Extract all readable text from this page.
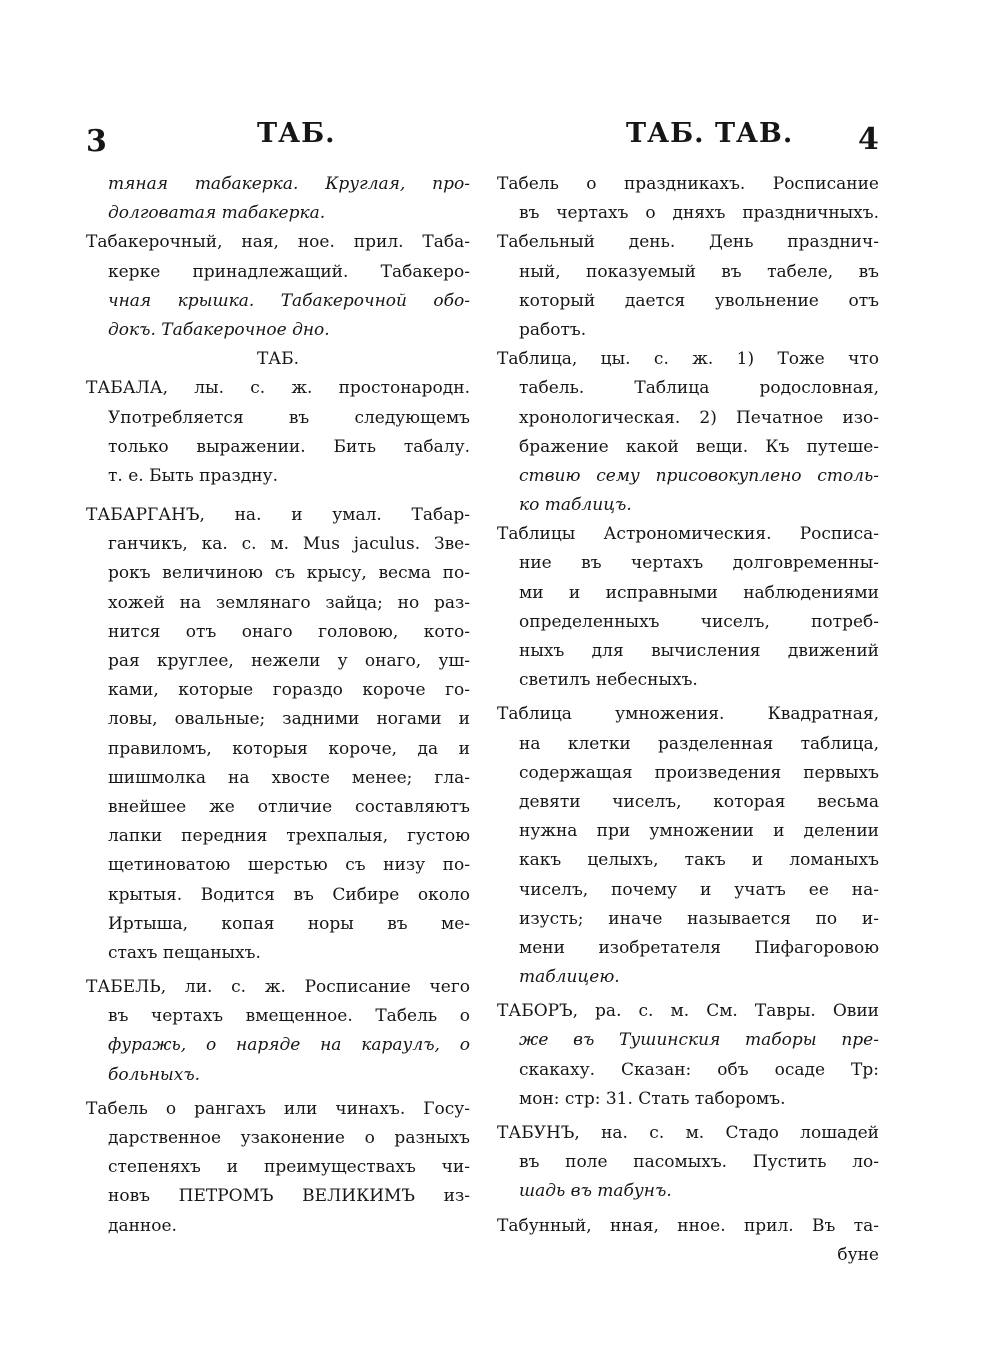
3	ТАБ.	ТАБ. ТАВ. 4
тяная табакерка. Круглая, про-
долговатая табакерка.
Табакерочный, ная, ное. прил. Таба-
керке принадлежащий. Табакеро-
чная крышка. Табакерочной обо-
докъ. Табакерочное дно.
ТАБ.
ТАБАЛА, лы. с. ж. простонародн.
Употребляется въ следующемъ
только выражении. Бить табалу.
т. е. Быть праздну.
ТАБАРГАНЪ, на. и умал. Табар-
ганчикъ, ка. с. м. Mus jaculus. Зве-
рокъ величиною съ крысу, весма по-
хожей на землянаго зайца; но раз-
нится отъ онаго головою, кото-
рая круглее, нежели у онаго, уш-
ками, которые гораздо короче го-
ловы, овальные; задними ногами и
правиломъ, которыя короче, да и
шишмолка на хвосте менее; гла-
внейшее же отличие составляютъ
лапки передния трехпалыя, густою
щетиноватою шерстью съ низу по-
крытыя. Водится въ Сибире около
Иртыша, копая норы въ ме-
стахъ пещаныхъ.
ТАБЕЛЬ, ли. с. ж. Росписание чего
въ чертахъ вмещенное. Табель о
фуражь, о наряде на караулъ, о
больныхъ.
Табель о рангахъ или чинахъ. Госу-
дарственное узаконение о разныхъ
степеняхъ и преимуществахъ чи-
новъ ПЕТРОМЪ ВЕЛИКИМЪ из-
данное.
Табель о праздникахъ. Росписание
въ чертахъ о дняхъ праздничныхъ.
Табельный день. День празднич-
ный, показуемый въ табеле, въ
который дается увольнение отъ
работъ.
Таблица, цы. с. ж. 1) Тоже что
табель. Таблица родословная,
хронологическая. 2) Печатное изо-
бражение какой вещи. Къ путеше-
ствию сему присовокуплено столь-
ко таблицъ.
Таблицы Астрономическия. Росписа-
ние въ чертахъ долговременны-
ми и исправными наблюдениями
определенныхъ чиселъ, потреб-
ныхъ для вычисления движений
светилъ небесныхъ.
Таблица умножения. Квадратная,
на клетки разделенная таблица,
содержащая произведения первыхъ
девяти чиселъ, которая весьма
нужна при умножении и делении
какъ целыхъ, такъ и ломаныхъ
чиселъ, почему и учатъ ее на-
изусть; иначе называется по и-
мени изобретателя Пифагоровою
таблицею.
ТАБОРЪ, ра. с. м. См. Тавры. Овии
же въ Тушинския таборы пре-
скакаху. Сказан: объ осаде Тр:
мон: стр: 31. Стать таборомъ.
ТАБУНЪ, на. с. м. Стадо лошадей
въ поле пасомыхъ. Пустить ло-
шадь въ табунъ.
Табунный, нная, нное. прил. Въ та-
буне
